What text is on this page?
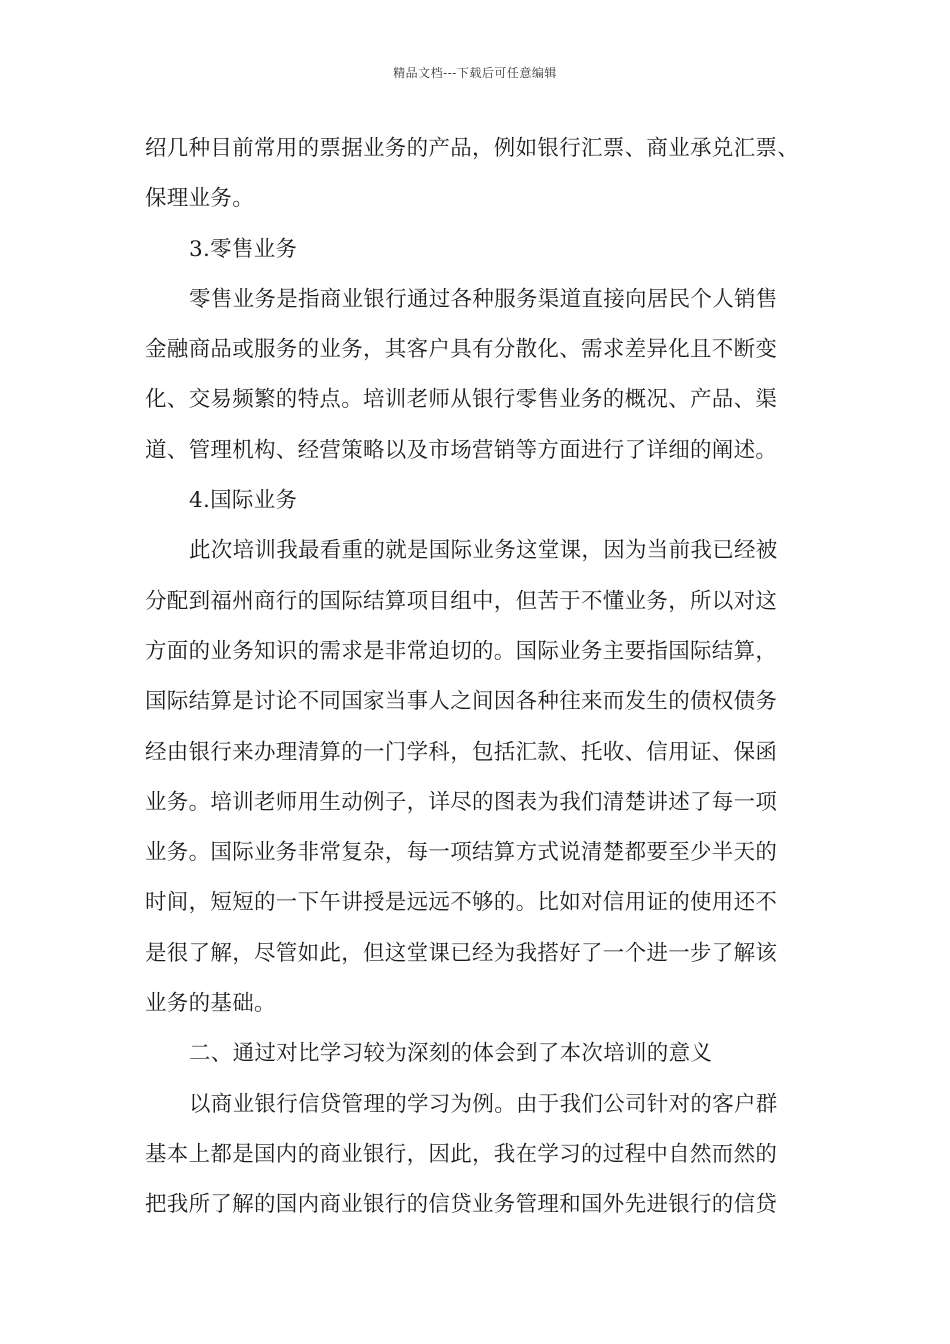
精品文档---下载后可任意编辑
绍几种目前常用的票据业务的产品，例如银行汇票、商业承兑汇票、
保理业务。
3.零售业务
零售业务是指商业银行通过各种服务渠道直接向居民个人销售
金融商品或服务的业务，其客户具有分散化、需求差异化且不断变
化、交易频繁的特点。培训老师从银行零售业务的概况、产品、渠
道、管理机构、经营策略以及市场营销等方面进行了详细的阐述。
4.国际业务
此次培训我最看重的就是国际业务这堂课，因为当前我已经被
分配到福州商行的国际结算项目组中，但苦于不懂业务，所以对这
方面的业务知识的需求是非常迫切的。国际业务主要指国际结算，
国际结算是讨论不同国家当事人之间因各种往来而发生的债权债务
经由银行来办理清算的一门学科，包括汇款、托收、信用证、保函
业务。培训老师用生动例子，详尽的图表为我们清楚讲述了每一项
业务。国际业务非常复杂，每一项结算方式说清楚都要至少半天的
时间，短短的一下午讲授是远远不够的。比如对信用证的使用还不
是很了解，尽管如此，但这堂课已经为我搭好了一个进一步了解该
业务的基础。
二、通过对比学习较为深刻的体会到了本次培训的意义
以商业银行信贷管理的学习为例。由于我们公司针对的客户群
基本上都是国内的商业银行，因此，我在学习的过程中自然而然的
把我所了解的国内商业银行的信贷业务管理和国外先进银行的信贷
